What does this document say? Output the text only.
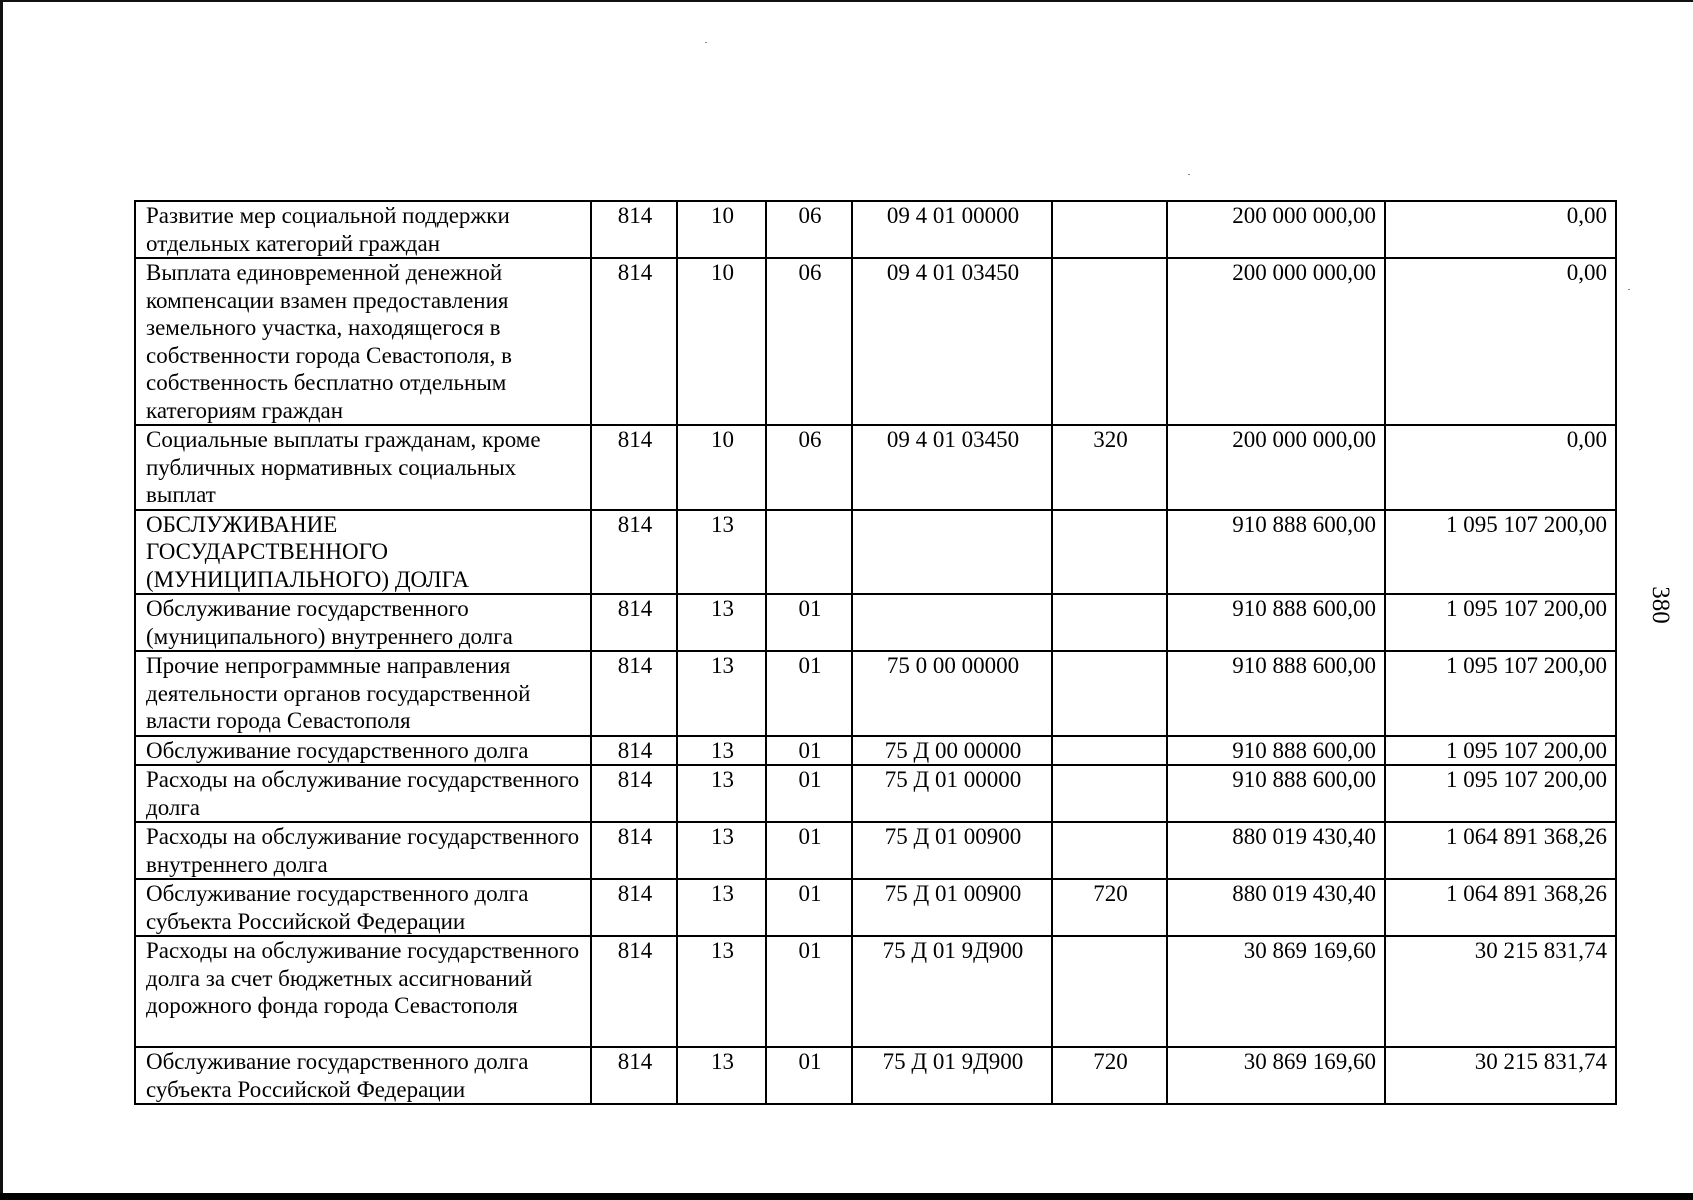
Развитие мер социальной поддержки отдельных категорий граждан	814	10	06	09 4 01 00000		200 000 000,00	0,00
Выплата единовременной денежной компенсации взамен предоставления земельного участка, находящегося в собственности города Севастополя, в собственность бесплатно отдельным категориям граждан	814	10	06	09 4 01 03450		200 000 000,00	0,00
Социальные выплаты гражданам, кроме публичных нормативных социальных выплат	814	10	06	09 4 01 03450	320	200 000 000,00	0,00
ОБСЛУЖИВАНИЕ ГОСУДАРСТВЕННОГО (МУНИЦИПАЛЬНОГО) ДОЛГА	814	13				910 888 600,00	1 095 107 200,00
Обслуживание государственного (муниципального) внутреннего долга	814	13	01			910 888 600,00	1 095 107 200,00
Прочие непрограммные направления деятельности органов государственной власти города Севастополя	814	13	01	75 0 00 00000		910 888 600,00	1 095 107 200,00
Обслуживание государственного долга	814	13	01	75 Д 00 00000		910 888 600,00	1 095 107 200,00
Расходы на обслуживание государственного долга	814	13	01	75 Д 01 00000		910 888 600,00	1 095 107 200,00
Расходы на обслуживание государственного внутреннего долга	814	13	01	75 Д 01 00900		880 019 430,40	1 064 891 368,26
Обслуживание государственного долга субъекта Российской Федерации	814	13	01	75 Д 01 00900	720	880 019 430,40	1 064 891 368,26
Расходы на обслуживание государственного долга за счет бюджетных ассигнований дорожного фонда города Севастополя	814	13	01	75 Д 01 9Д900		30 869 169,60	30 215 831,74
Обслуживание государственного долга субъекта Российской Федерации	814	13	01	75 Д 01 9Д900	720	30 869 169,60	30 215 831,74
380
